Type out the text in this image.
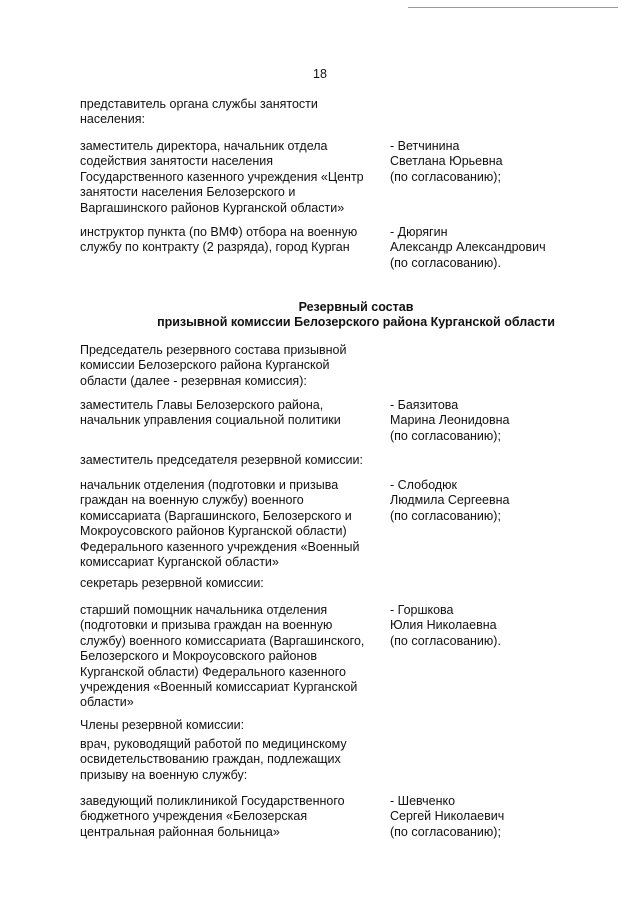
18

представитель органа службы занятости
населения:

заместитель директора, начальник отдела
содействия занятости населения
Государственного казенного учреждения «Центр
занятости населения Белозерского и
Варгашинского районов Курганской области»

- Ветчинина
Светлана Юрьевна
(по согласованию);

инструктор пункта (по ВМФ) отбора на военную
службу по контракту (2 разряда), город Курган

- Дюрягин
Александр Александрович
(по согласованию).

Резервный состав
призывной комиссии Белозерского района Курганской области

Председатель резервного состава призывной
комиссии Белозерского района Курганской
области (далее - резервная комиссия):

заместитель Главы Белозерского района,
начальник управления социальной политики

- Баязитова
Марина Леонидовна
(по согласованию);

заместитель председателя резервной комиссии:

начальник отделения (подготовки и призыва
граждан на военную службу) военного
комиссариата (Варгашинского, Белозерского и
Мокроусовского районов Курганской области)
Федерального казенного учреждения «Военный
комиссариат Курганской области»

- Слободюк
Людмила Сергеевна
(по согласованию);

секретарь резервной комиссии:

старший помощник начальника отделения
(подготовки и призыва граждан на военную
службу) военного комиссариата (Варгашинского,
Белозерского и Мокроусовского районов
Курганской области) Федерального казенного
учреждения «Военный комиссариат Курганской
области»

- Горшкова
Юлия Николаевна
(по согласованию).

Члены резервной комиссии:

врач, руководящий работой по медицинскому
освидетельствованию граждан, подлежащих
призыву на военную службу:

заведующий поликлиникой Государственного
бюджетного учреждения «Белозерская
центральная районная больница»

- Шевченко
Сергей Николаевич
(по согласованию);
